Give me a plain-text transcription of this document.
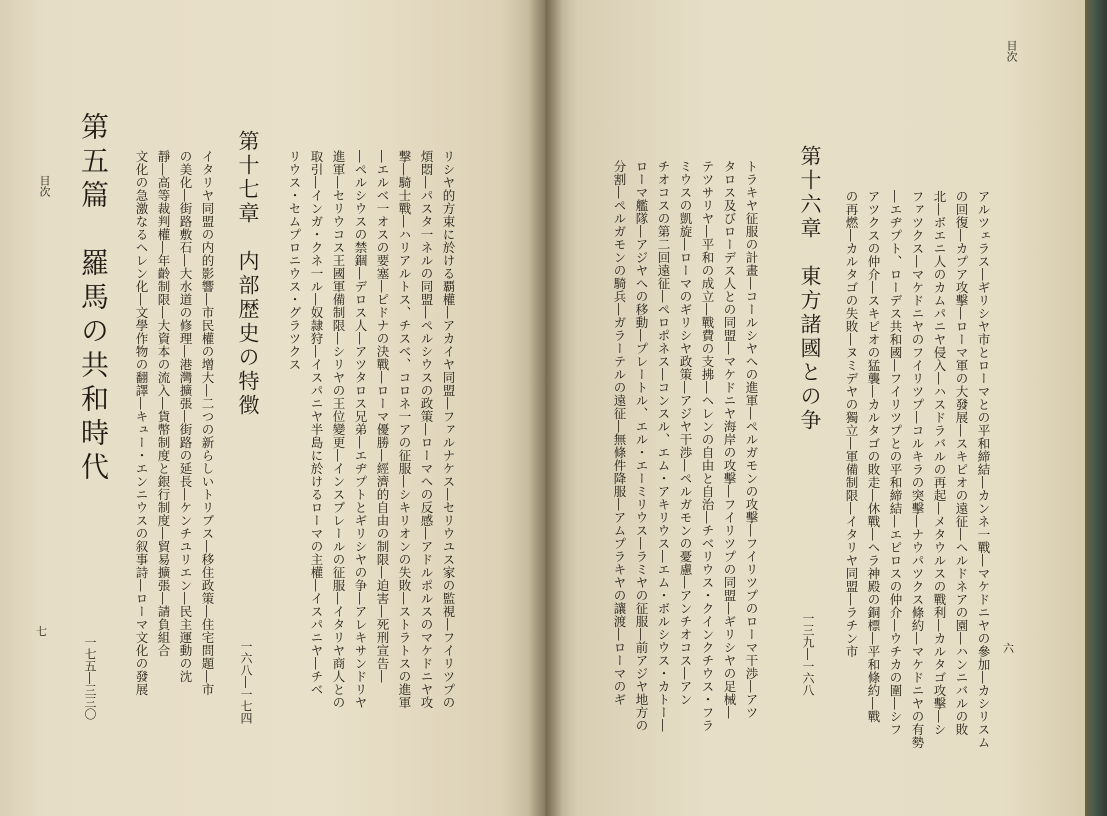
目次
六
目次
七	アルツェラス―ギリシヤ市とローマとの平和締結―カンネ一戰―マケドニヤの參加―カシリスム
の回復―カプア攻擊―ローマ軍の大發展―スキピオの遠征―ヘルドネアの園―ハンニバルの敗
北―ボエニ人のカムパニヤ侵入―ハスドラバルの再起―メタウルスの戰利―カルタゴ攻擊―シ
ファツクス―マケドニヤのフイリツプ―コルキラの突擊―ナウパツクス條約―マケドニヤの有勢
―エヂプト、ローデス共和國―フイリツプとの平和締結―エピロスの仲介―ウチカの圍―シフ
アツクスの仲介―スキピオの猛襲―カルタゴの敗走―休戰―ヘラ神殿の銅標―平和條約―戰
の再燃―カルタゴの失敗―ヌミデヤの獨立―軍備制限―イタリヤ同盟―ラチン市
第十六章　東方諸國との争
一三九―一六八
トラキヤ征服の計畫―コールシヤへの進軍―ペルガモンの攻擊―フイリツプのローマ干渉―アツ
タロス及びローデス人との同盟―マケドニヤ海岸の攻擊―フイリツプの同盟―ギリシヤの足械―
テツサリヤ―平和の成立―戰費の支拂―ヘレンの自由と自治―チベリウス・クインクチウス・フラ
ミウスの凱旋―ローマのギリシヤ政策―アジヤ干渉―ペルガモンの憂慮―アンチオコス―アン
チオコスの第二回遠征―ペロポネス―コンスル、エム・アキリウス―エム・ボルシウス・カトー―
ローマ艦隊―アジヤへの移動―プレートル、エル・エーミリウス―ラミヤの征服―前アジヤ地方の
分割―ペルガモンの騎兵―ガラーテルの遠征―無條件降服―アムプラキヤの讓渡―ローマのギ
リシヤ的方束に於ける覇權―アカイヤ同盟―ファルナケス―セリウユス家の監視―フイリツプの
煩悶―パスタ一ネルの同盟―ペルシウスの政策―ローマへの反感―アドルポルスのマケドニヤ攻
撃―騎士戰―ハリアルトス、チスベ、コロネ一アの征服―シキリオンの失敗―ストラトスの進軍
―エルベ一オスの要塞―ピドナの決戰―ローマ優勝―經濟的自由の制限―迫害―死刑宣告―
―ペルシウスの禁錮―デロス人―アツタロス兄弟―エヂプトとギリシヤの争―アレキサンドリヤ
進軍―セリウコス王國軍備制限―シリヤの王位變更―インスブレールの征服―イタリヤ商人との
取引―インガ・クネ一ル―奴隷狩―イスパニヤ半島に於けるローマの主權―イスパニヤ―チベ
リウス・セムプロニウス・グラツクス
第十七章　内部歴史の特徴
一六八―一七四
イタリヤ同盟の内的影響―市民權の增大―二つの新らしいトリブス―移住政策―住宅問題―市
の美化―街路敷石―大水道の修理―港灣擴張―街路の延長―ケンチユリエン―民主運動の沈
靜―高等裁判權―年齡制限―大資本の流入―貨幣制度と銀行制度―貿易擴張―請負組合
文化の急激なるヘレン化―文學作物の翻譯―キュー・エンニウスの叙事詩―ローマ文化の發展
第五篇　羅馬の共和時代
一七五―三三〇
